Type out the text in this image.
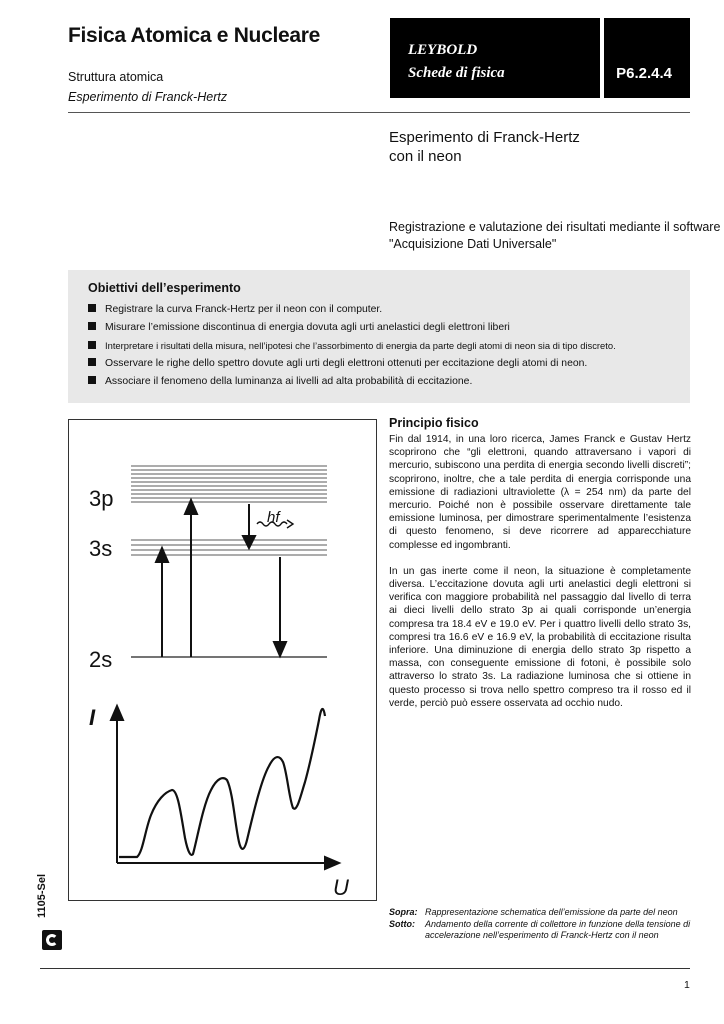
Fisica Atomica e Nucleare
Struttura atomica
Esperimento di Franck-Hertz
LEYBOLD
Schede di fisica	P6.2.4.4
Esperimento di Franck-Hertz
con il neon
Registrazione e valutazione dei risultati mediante il software
"Acquisizione Dati Universale"
Obiettivi dell’esperimento
Registrare la curva Franck-Hertz per il neon con il computer.
Misurare l’emissione discontinua di energia dovuta agli urti anelastici degli elettroni liberi
Interpretare i risultati della misura, nell’ipotesi che l’assorbimento di energia da parte degli atomi di neon sia di tipo discreto.
Osservare le righe dello spettro dovute agli urti degli elettroni ottenuti per eccitazione degli atomi di neon.
Associare il fenomeno della luminanza ai livelli ad alta probabilità di eccitazione.
3p
3s
2s
hf
I
U
Principio fisico

Fin dal 1914, in una loro ricerca, James Franck e Gustav Hertz scoprirono che “gli elettroni, quando attraversano i vapori di mercurio, subiscono una perdita di energia secondo livelli discreti”; scoprirono, inoltre, che a tale perdita di energia corrisponde una emissione di radiazioni ultraviolette (λ = 254 nm) da parte del mercurio. Poiché non è possibile osservare direttamente tale emissione luminosa, per dimostrare sperimentalmente l’esistenza di questo fenomeno, si deve ricorrere ad apparecchiature complesse ed ingombranti.

In un gas inerte come il neon, la situazione è completamente diversa. L’eccitazione dovuta agli urti anelastici degli elettroni si verifica con maggiore probabilità nel passaggio dal livello di terra ai dieci livelli dello strato 3p ai quali corrisponde un’energia compresa tra 18.4 eV e 19.0 eV. Per i quattro livelli dello strato 3s, compresi tra 16.6 eV e 16.9 eV, la probabilità di eccitazione risulta inferiore. Una diminuzione di energia dello strato 3p rispetto a massa, con conseguente emissione di fotoni, è possibile solo attraverso lo strato 3s. La radiazione luminosa che si ottiene in questo processo si trova nello spettro compreso tra il rosso ed il verde, perciò può essere osservata ad occhio nudo.

Sopra: Rappresentazione schematica dell’emissione da parte del neon
Sotto:	Andamento della corrente di collettore in funzione della tensione di accelerazione nell’esperimento di Franck-Hertz con il neon
1105-Sel
1
